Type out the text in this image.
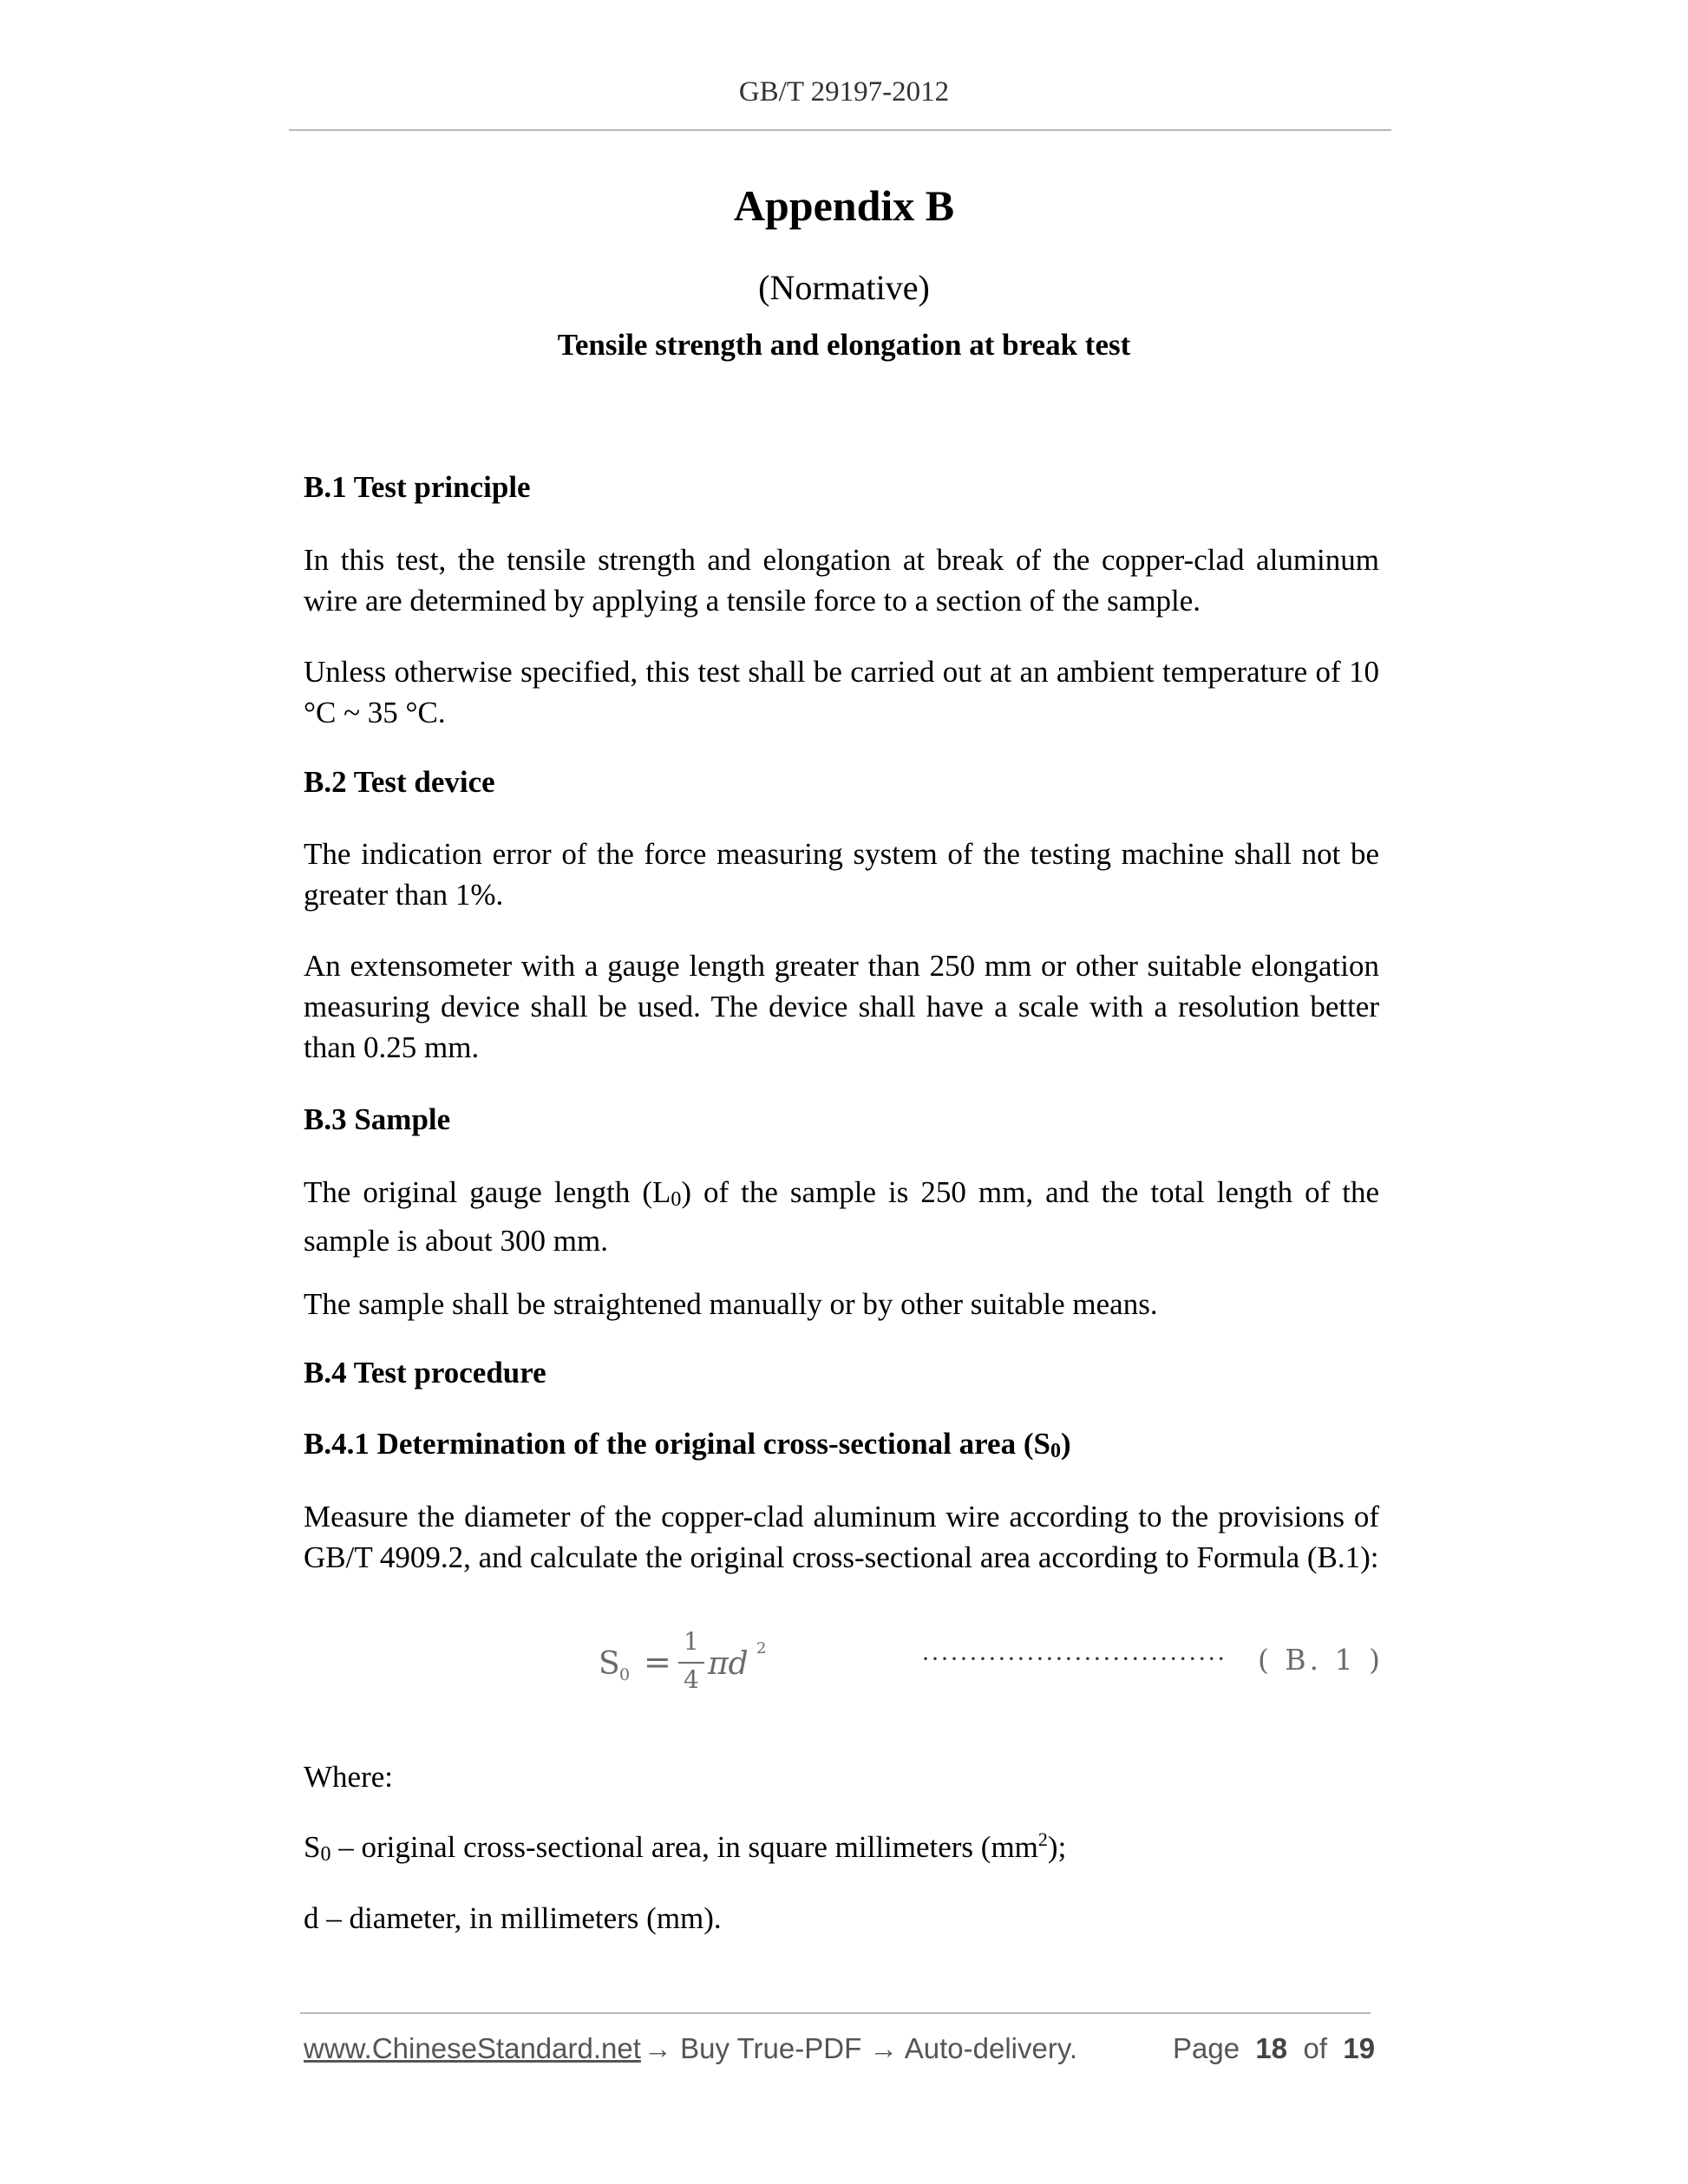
GB/T 29197-2012
Appendix B
(Normative)
Tensile strength and elongation at break test
B.1 Test principle
In this test, the tensile strength and elongation at break of the copper-clad aluminum wire are determined by applying a tensile force to a section of the sample.
Unless otherwise specified, this test shall be carried out at an ambient temperature of 10 °C ~ 35 °C.
B.2 Test device
The indication error of the force measuring system of the testing machine shall not be greater than 1%.
An extensometer with a gauge length greater than 250 mm or other suitable elongation measuring device shall be used. The device shall have a scale with a resolution better than 0.25 mm.
B.3 Sample
The original gauge length (L0) of the sample is 250 mm, and the total length of the sample is about 300 mm.
The sample shall be straightened manually or by other suitable means.
B.4 Test procedure
B.4.1 Determination of the original cross-sectional area (S0)
Measure the diameter of the copper-clad aluminum wire according to the provisions of GB/T 4909.2, and calculate the original cross-sectional area according to Formula (B.1):
S 0 =
1
4 πd 2	································ ( B. 1 )
Where:
S0 – original cross-sectional area, in square millimeters $(mm^2)$;
d – diameter, in millimeters (mm).
www.ChineseStandard.net → Buy True-PDF → Auto-delivery.	Page 18 of 19
